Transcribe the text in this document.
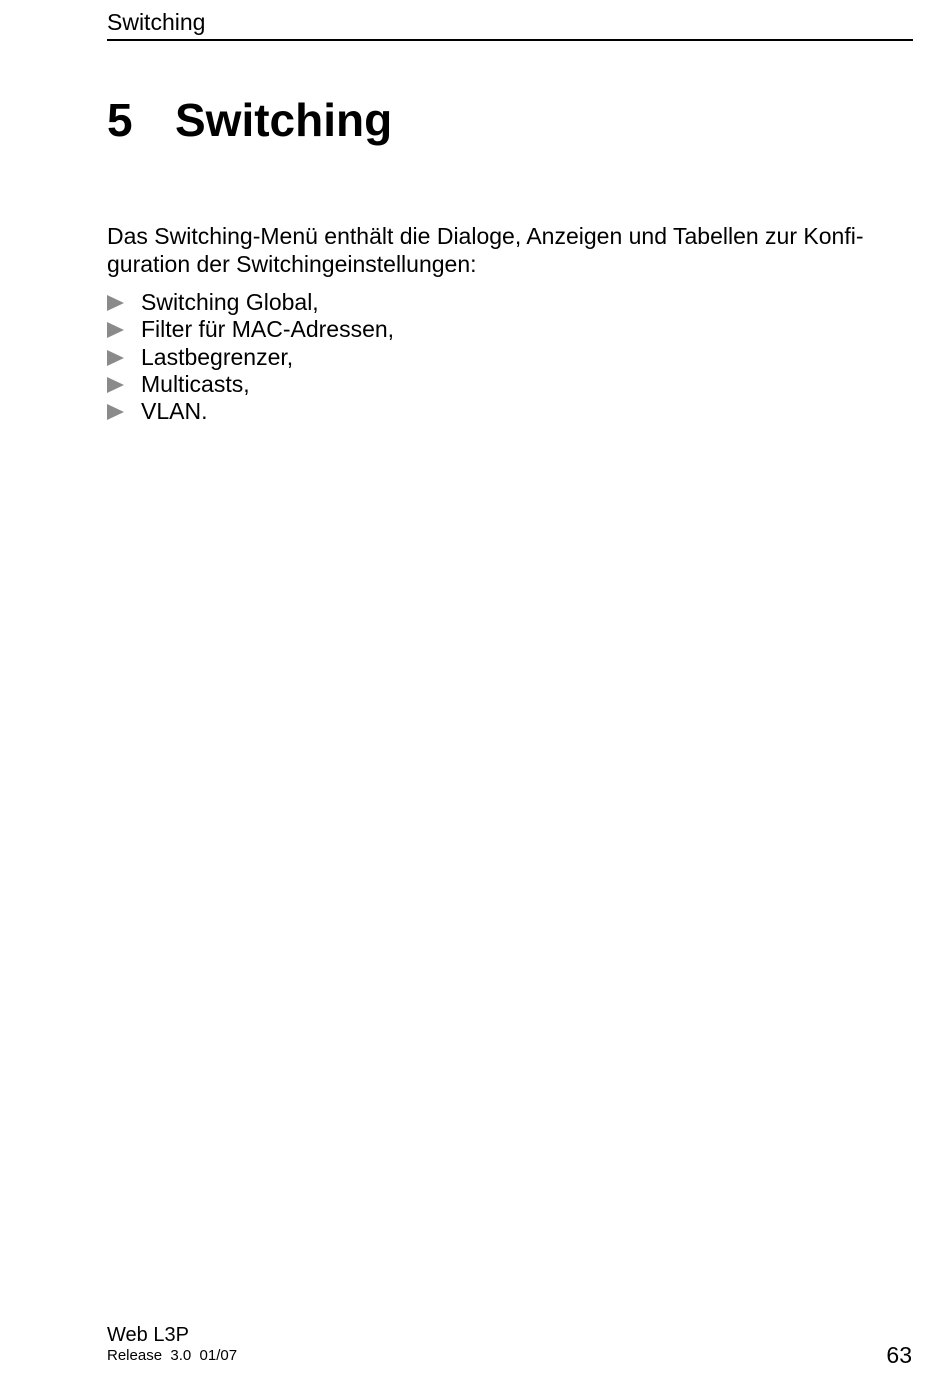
Switching
5 Switching

Das Switching-Menü enthält die Dialoge, Anzeigen und Tabellen zur Konfi-
guration der Switchingeinstellungen:

Switching Global,
Filter für MAC-Adressen,
Lastbegrenzer,
Multicasts,
VLAN.
Web L3P
Release  3.0  01/07	63
